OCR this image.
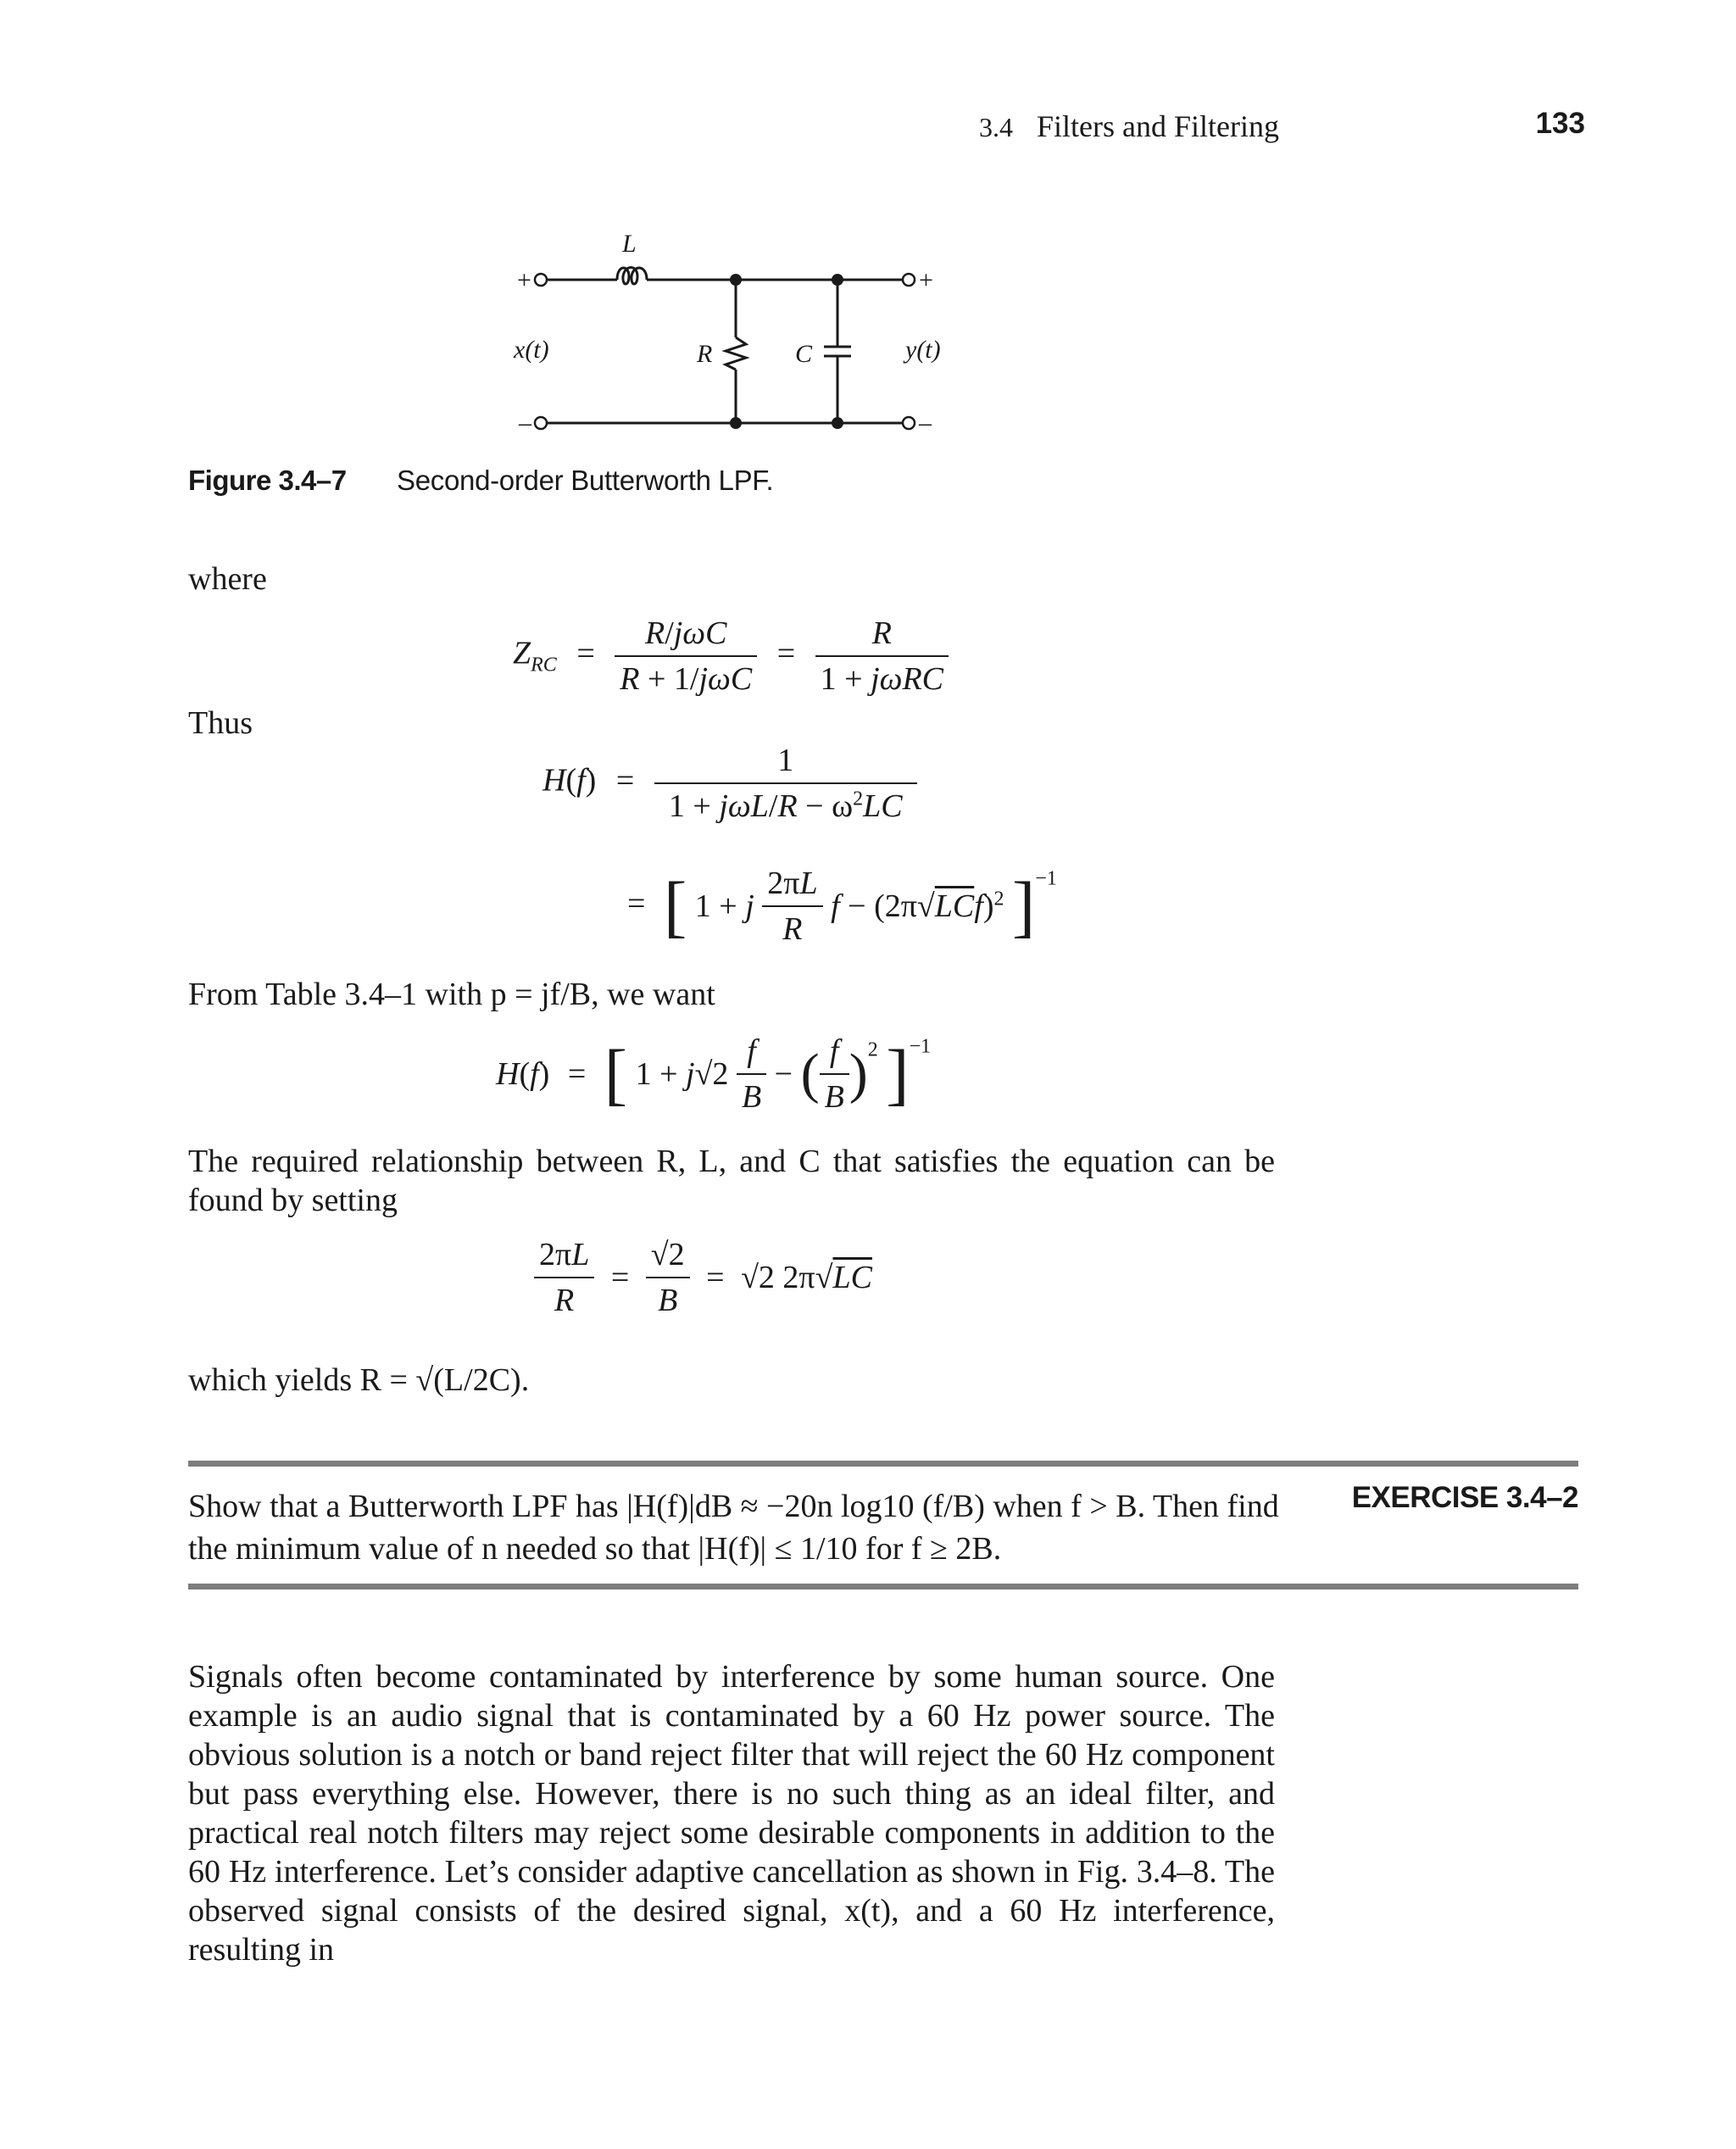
3.4 Filters and Filtering	133
+
–
+
–
L
R	C
x(t)	y(t)
Figure 3.4–7 Second-order Butterworth LPF.
where
$Z_{RC} = \frac{\text{R/jωC}}{\text{R + 1/jωC}} = \frac{R}{\text{1 + jωRC}}$
Thus
$H(f) = \frac{1}{1 + j\omega L/R - \omega^2LC}$
= [ 1 + j $\frac{2\pi L}{R}$ $f - (2\pi√LCf)^2$ ]$^{-1}$
From Table 3.4–1 with p = jf/B, we want
H(f) = [ $1 + j√2 \frac{f}{B}$ − ( $\frac{f}{B} )^2$ ]$^{-1}$
The required relationship between R, L, and C that satisfies the equation can be found by setting
$\frac{2\pi L}{R} = \frac{√2}{B} = √2$ 2π√LC
which yields R = √(L/2C).
EXERCISE 3.4–2
Show that a Butterworth LPF has |H(f)|dB ≈ −20n log10 (f/B) when f > B. Then find the minimum value of n needed so that |H(f)| ≤ 1/10 for f ≥ 2B.
Signals often become contaminated by interference by some human source. One example is an audio signal that is contaminated by a 60 Hz power source. The obvious solution is a notch or band reject filter that will reject the 60 Hz component but pass everything else. However, there is no such thing as an ideal filter, and practical real notch filters may reject some desirable components in addition to the 60 Hz interference. Let’s consider adaptive cancellation as shown in Fig. 3.4–8. The observed signal consists of the desired signal, x(t), and a 60 Hz interference, resulting in
